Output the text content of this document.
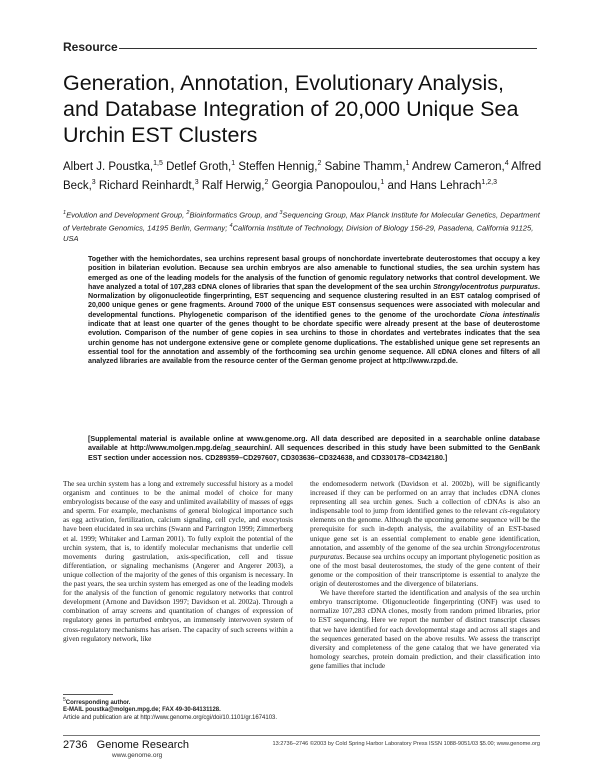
Resource
Generation, Annotation, Evolutionary Analysis, and Database Integration of 20,000 Unique Sea Urchin EST Clusters
Albert J. Poustka,$^{1,5}$ Detlef Groth,$^1$ Steffen Hennig,$^2$ Sabine Thamm,$^1$ Andrew Cameron,$^4$ Alfred Beck,$^3$ Richard Reinhardt,$^3$ Ralf Herwig,$^2$ Georgia Panopoulou,$^1$ and Hans Lehrach$^{1,2,3}$
$^1$Evolution and Development Group, $^2$Bioinformatics Group, and $^3$Sequencing Group, Max Planck Institute for Molecular Genetics, Department of Vertebrate Genomics, 14195 Berlin, Germany; $^4$California Institute of Technology, Division of Biology 156-29, Pasadena, California 91125, USA

Together with the hemichordates, sea urchins represent basal groups of nonchordate invertebrate deuterostomes that occupy a key position in bilaterian evolution. Because sea urchin embryos are also amenable to functional studies, the sea urchin system has emerged as one of the leading models for the analysis of the function of genomic regulatory networks that control development. We have analyzed a total of 107,283 cDNA clones of libraries that span the development of the sea urchin Strongylocentrotus purpuratus. Normalization by oligonucleotide fingerprinting, EST sequencing and sequence clustering resulted in an EST catalog comprised of 20,000 unique genes or gene fragments. Around 7000 of the unique EST consensus sequences were associated with molecular and developmental functions. Phylogenetic comparison of the identified genes to the genome of the urochordate Ciona intestinalis indicate that at least one quarter of the genes thought to be chordate specific were already present at the base of deuterostome evolution. Comparison of the number of gene copies in sea urchins to those in chordates and vertebrates indicates that the sea urchin genome has not undergone extensive gene or complete genome duplications. The established unique gene set represents an essential tool for the annotation and assembly of the forthcoming sea urchin genome sequence. All cDNA clones and filters of all analyzed libraries are available from the resource center of the German genome project at http://www.rzpd.de.

[Supplemental material is available online at www.genome.org. All data described are deposited in a searchable online database available at http://www.molgen.mpg.de/ag_seaurchin/. All sequences described in this study have been submitted to the GenBank EST section under accession nos. CD289359–CD297607, CD303636–CD324638, and CD330178–CD342180.]

The sea urchin system has a long and extremely successful history as a model organism and continues to be the animal model of choice for many embryologists because of the easy and unlimited availability of masses of eggs and sperm. For example, mechanisms of general biological importance such as egg activation, fertilization, calcium signaling, cell cycle, and exocytosis have been elucidated in sea urchins (Swann and Parrington 1999; Zimmerberg et al. 1999; Whitaker and Larman 2001). To fully exploit the potential of the urchin system, that is, to identify molecular mechanisms that underlie cell movements during gastrulation, axis-specification, cell and tissue differentiation, or signaling mechanisms (Angerer and Angerer 2003), a unique collection of the majority of the genes of this organism is necessary. In the past years, the sea urchin system has emerged as one of the leading models for the analysis of the function of genomic regulatory networks that control development (Arnone and Davidson 1997; Davidson et al. 2002a). Through a combination of array screens and quantitation of changes of expression of regulatory genes in perturbed embryos, an immensely interwoven system of cross-regulatory mechanisms has arisen. The capacity of such screens within a given regulatory network, like

the endomesoderm network (Davidson et al. 2002b), will be significantly increased if they can be performed on an array that includes cDNA clones representing all sea urchin genes. Such a collection of cDNAs is also an indispensable tool to jump from identified genes to the relevant cis-regulatory elements on the genome. Although the upcoming genome sequence will be the prerequisite for such in-depth analysis, the availability of an EST-based unique gene set is an essential complement to enable gene identification, annotation, and assembly of the genome of the sea urchin Strongylocentrotus purpuratus. Because sea urchins occupy an important phylogenetic position as one of the most basal deuterostomes, the study of the gene content of their genome or the composition of their transcriptome is essential to analyze the origin of deuterostomes and the divergence of bilaterians.

We have therefore started the identification and analysis of the sea urchin embryo transcriptome. Oligonucleotide fingerprinting (ONF) was used to normalize 107,283 cDNA clones, mostly from random primed libraries, prior to EST sequencing. Here we report the number of distinct transcript classes that we have identified for each developmental stage and across all stages and the sequences generated based on the above results. We assess the transcript diversity and completeness of the gene catalog that we have generated via homology searches, protein domain prediction, and their classification into gene families that include

$^5$Corresponding author.
E-MAIL poustka@molgen.mpg.de; FAX 49-30-84131128.
Article and publication are at http://www.genome.org/cgi/doi/10.1101/gr.1674103.
2736 Genome Research
www.genome.org
13:2736–2746 ©2003 by Cold Spring Harbor Laboratory Press ISSN 1088-9051/03 $5.00; www.genome.org
